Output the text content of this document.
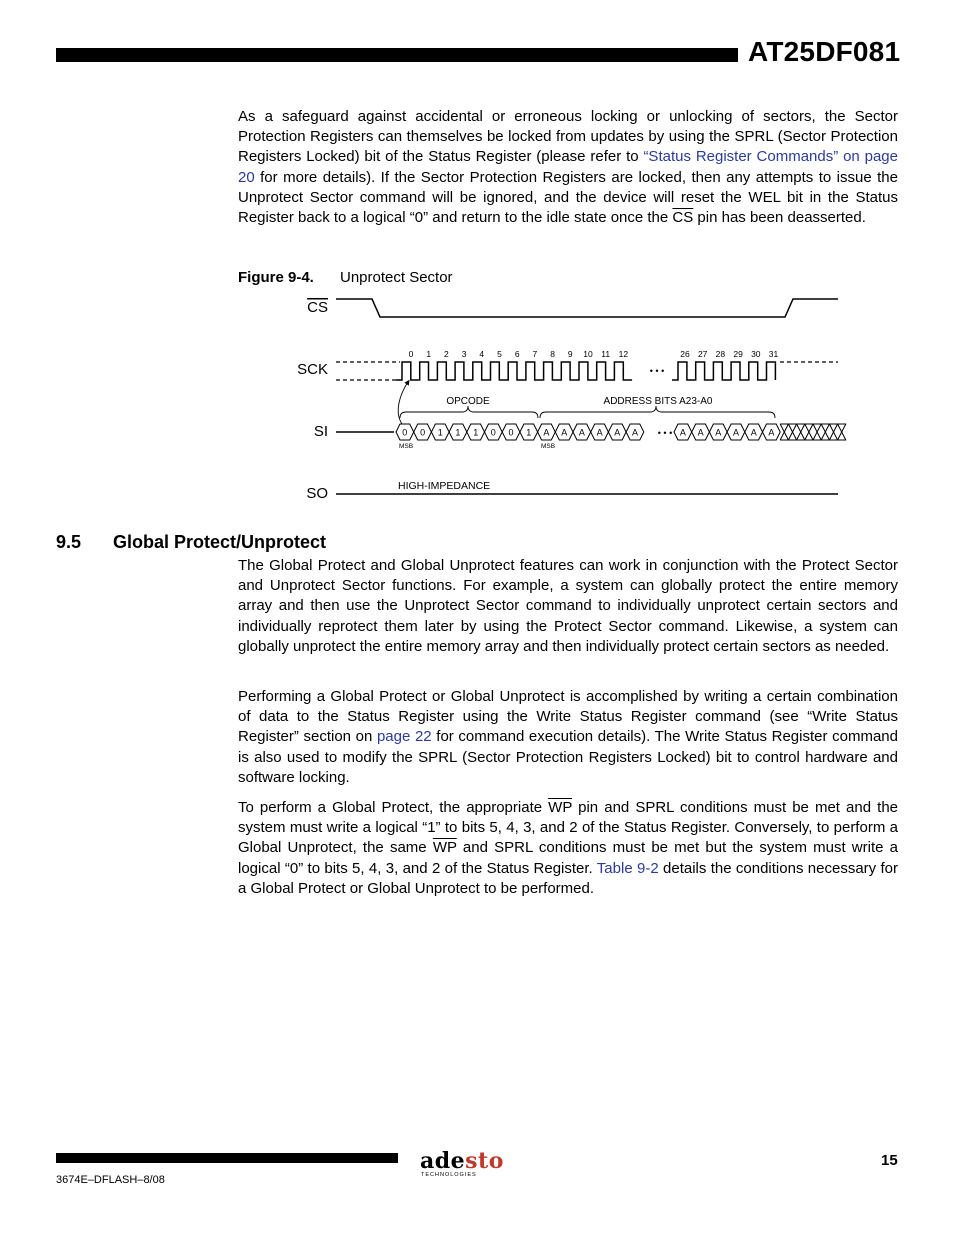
AT25DF081

As a safeguard against accidental or erroneous locking or unlocking of sectors, the Sector Protection Registers can themselves be locked from updates by using the SPRL (Sector Protection Registers Locked) bit of the Status Register (please refer to “Status Register Commands” on page 20 for more details). If the Sector Protection Registers are locked, then any attempts to issue the Unprotect Sector command will be ignored, and the device will reset the WEL bit in the Status Register back to a logical “0” and return to the idle state once the $\overline{CS}$ pin has been deasserted.

Figure 9-4. Unprotect Sector
CS
SCK
SI
SO
0 1 2 3 4 5 6 7 8 9 10 11 12	26 27 28 29 30 31
• • •
OPCODE	ADDRESS BITS A23-A0
0 0 1 1 1 0 0 1 A A A A A A	A A A A A A
• • •
MSB	MSB
HIGH-IMPEDANCE
9.5 Global Protect/Unprotect

The Global Protect and Global Unprotect features can work in conjunction with the Protect Sector and Unprotect Sector functions. For example, a system can globally protect the entire memory array and then use the Unprotect Sector command to individually unprotect certain sectors and individually reprotect them later by using the Protect Sector command. Likewise, a system can globally unprotect the entire memory array and then individually protect certain sectors as needed.

Performing a Global Protect or Global Unprotect is accomplished by writing a certain combination of data to the Status Register using the Write Status Register command (see “Write Status Register” section on page 22 for command execution details). The Write Status Register command is also used to modify the SPRL (Sector Protection Registers Locked) bit to control hardware and software locking.

To perform a Global Protect, the appropriate $\overline{WP}$ pin and SPRL conditions must be met and the system must write a logical “1” to bits 5, 4, 3, and 2 of the Status Register. Conversely, to perform a Global Unprotect, the same $\overline{WP}$ and SPRL conditions must be met but the system must write a logical “0” to bits 5, 4, 3, and 2 of the Status Register. Table 9-2 details the conditions necessary for a Global Protect or Global Unprotect to be performed.

3674E–DFLASH–8/08
adesto
TECHNOLOGIES
15
